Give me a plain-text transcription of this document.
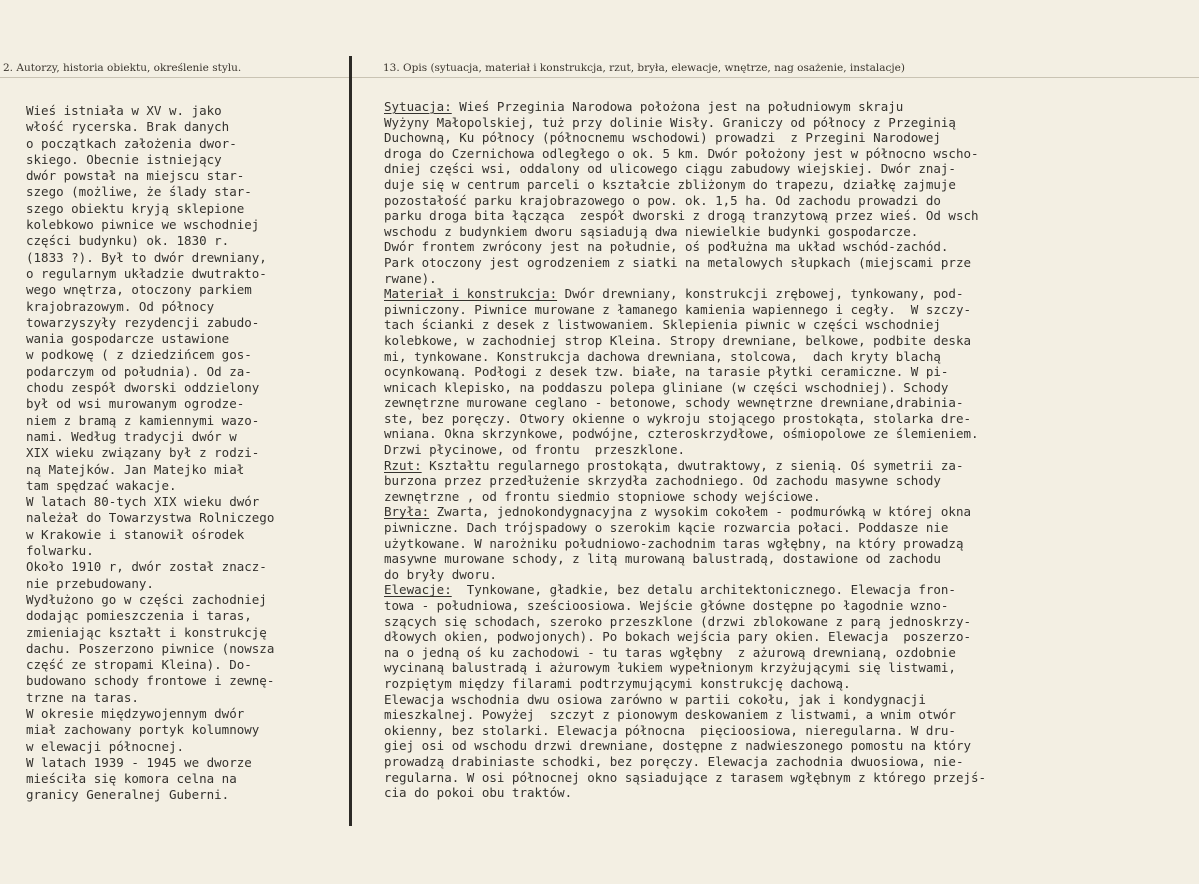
2. Autorzy, historia obiektu, określenie stylu.	13. Opis (sytuacja, materiał i konstrukcja, rzut, bryła, elewacje, wnętrze, nag osażenie, instalacje)
Wieś istniała w XV w. jako
włość rycerska. Brak danych
o początkach założenia dwor-
skiego. Obecnie istniejący
dwór powstał na miejscu star-
szego (możliwe, że ślady star-
szego obiektu kryją sklepione
kolebkowo piwnice we wschodniej
części budynku) ok. 1830 r.
(1833 ?). Był to dwór drewniany,
o regularnym układzie dwutrakto-
wego wnętrza, otoczony parkiem
krajobrazowym. Od północy
towarzyszyły rezydencji zabudo-
wania gospodarcze ustawione
w podkowę ( z dziedzińcem gos-
podarczym od południa). Od za-
chodu zespół dworski oddzielony
był od wsi murowanym ogrodze-
niem z bramą z kamiennymi wazo-
nami. Według tradycji dwór w
XIX wieku związany był z rodzi-
ną Matejków. Jan Matejko miał
tam spędzać wakacje.
W latach 80-tych XIX wieku dwór
należał do Towarzystwa Rolniczego
w Krakowie i stanowił ośrodek
folwarku.
Około 1910 r, dwór został znacz-
nie przebudowany.
Wydłużono go w części zachodniej
dodając pomieszczenia i taras,
zmieniając kształt i konstrukcję
dachu. Poszerzono piwnice (nowsza
część ze stropami Kleina). Do-
budowano schody frontowe i zewnę-
trzne na taras.
W okresie międzywojennym dwór
miał zachowany portyk kolumnowy
w elewacji północnej.
W latach 1939 - 1945 we dworze
mieściła się komora celna na
granicy Generalnej Guberni.
Sytuacja: Wieś Przeginia Narodowa położona jest na południowym skraju
Wyżyny Małopolskiej, tuż przy dolinie Wisły. Graniczy od północy z Przeginią
Duchowną, Ku północy (północnemu wschodowi) prowadzi  z Przegini Narodowej
droga do Czernichowa odległego o ok. 5 km. Dwór położony jest w północno wscho-
dniej części wsi, oddalony od ulicowego ciągu zabudowy wiejskiej. Dwór znaj-
duje się w centrum parceli o kształcie zbliżonym do trapezu, działkę zajmuje
pozostałość parku krajobrazowego o pow. ok. 1,5 ha. Od zachodu prowadzi do
parku droga bita łącząca  zespół dworski z drogą tranzytową przez wieś. Od wsch
wschodu z budynkiem dworu sąsiadują dwa niewielkie budynki gospodarcze.
Dwór frontem zwrócony jest na południe, oś podłużna ma układ wschód-zachód.
Park otoczony jest ogrodzeniem z siatki na metalowych słupkach (miejscami prze
rwane).
Materiał i konstrukcja: Dwór drewniany, konstrukcji zrębowej, tynkowany, pod-
piwniczony. Piwnice murowane z łamanego kamienia wapiennego i cegły.  W szczy-
tach ścianki z desek z listwowaniem. Sklepienia piwnic w części wschodniej
kolebkowe, w zachodniej strop Kleina. Stropy drewniane, belkowe, podbite deska
mi, tynkowane. Konstrukcja dachowa drewniana, stolcowa,  dach kryty blachą
ocynkowaną. Podłogi z desek tzw. białe, na tarasie płytki ceramiczne. W pi-
wnicach klepisko, na poddaszu polepa gliniane (w części wschodniej). Schody
zewnętrzne murowane ceglano - betonowe, schody wewnętrzne drewniane,drabinia-
ste, bez poręczy. Otwory okienne o wykroju stojącego prostokąta, stolarka dre-
wniana. Okna skrzynkowe, podwójne, czteroskrzydłowe, ośmiopolowe ze ślemieniem.
Drzwi płycinowe, od frontu  przeszklone.
Rzut: Kształtu regularnego prostokąta, dwutraktowy, z sienią. Oś symetrii za-
burzona przez przedłużenie skrzydła zachodniego. Od zachodu masywne schody
zewnętrzne , od frontu siedmio stopniowe schody wejściowe.
Bryła: Zwarta, jednokondygnacyjna z wysokim cokołem - podmurówką w której okna
piwniczne. Dach trójspadowy o szerokim kącie rozwarcia połaci. Poddasze nie
użytkowane. W narożniku południowo-zachodnim taras wgłębny, na który prowadzą
masywne murowane schody, z litą murowaną balustradą, dostawione od zachodu
do bryły dworu.
Elewacje:  Tynkowane, gładkie, bez detalu architektonicznego. Elewacja fron-
towa - południowa, sześcioosiowa. Wejście główne dostępne po łagodnie wzno-
szących się schodach, szeroko przeszklone (drzwi zblokowane z parą jednoskrzy-
dłowych okien, podwojonych). Po bokach wejścia pary okien. Elewacja  poszerzo-
na o jedną oś ku zachodowi - tu taras wgłębny  z ażurową drewnianą, ozdobnie
wycinaną balustradą i ażurowym łukiem wypełnionym krzyżującymi się listwami,
rozpiętym między filarami podtrzymującymi konstrukcję dachową.
Elewacja wschodnia dwu osiowa zarówno w partii cokołu, jak i kondygnacji
mieszkalnej. Powyżej  szczyt z pionowym deskowaniem z listwami, a wnim otwór
okienny, bez stolarki. Elewacja północna  pięcioosiowa, nieregularna. W dru-
giej osi od wschodu drzwi drewniane, dostępne z nadwieszonego pomostu na który
prowadzą drabiniaste schodki, bez poręczy. Elewacja zachodnia dwuosiowa, nie-
regularna. W osi północnej okno sąsiadujące z tarasem wgłębnym z którego przejś-
cia do pokoi obu traktów.
